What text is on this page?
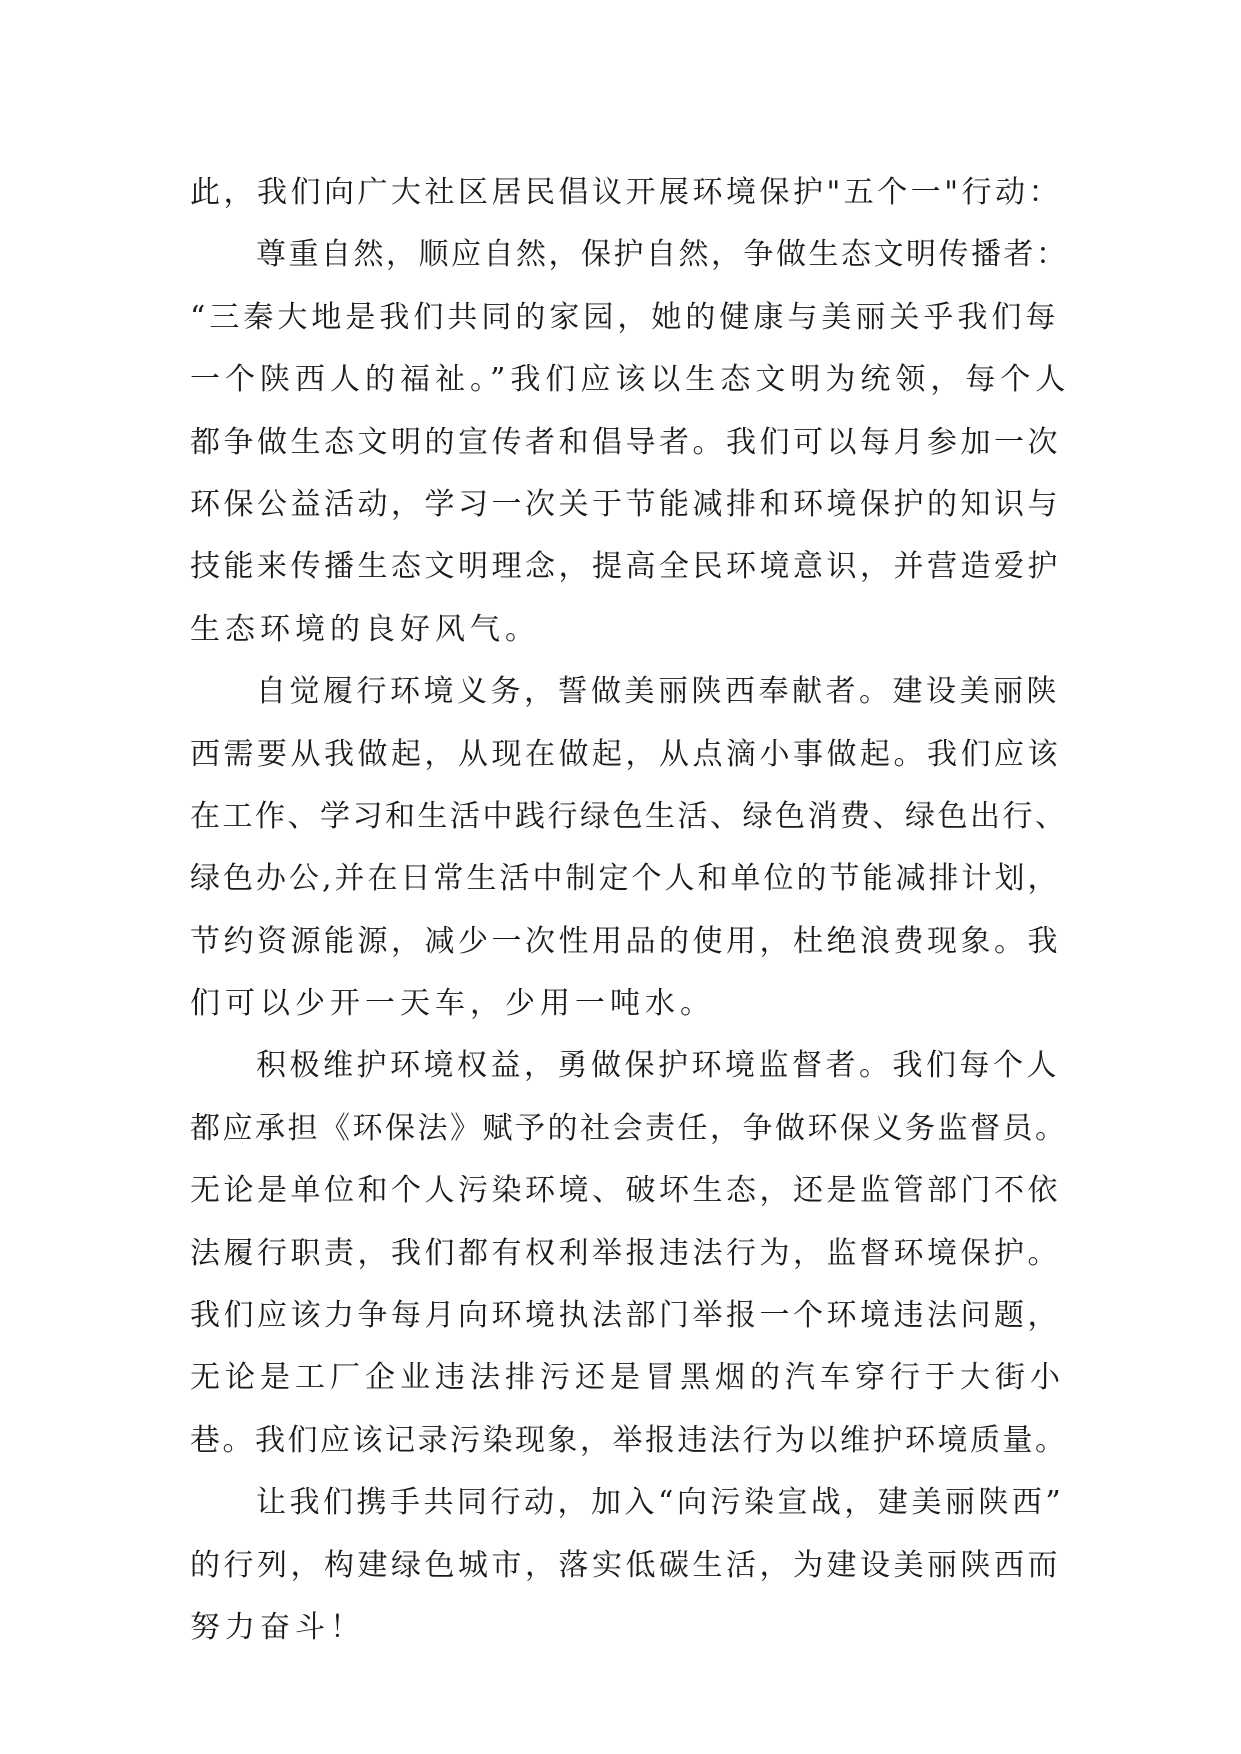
此，我们向广大社区居民倡议开展环境保护"五个一"行动：
尊重自然，顺应自然，保护自然，争做生态文明传播者：
“三秦大地是我们共同的家园，她的健康与美丽关乎我们每
一个陕西人的福祉。”我们应该以生态文明为统领，每个人
都争做生态文明的宣传者和倡导者。我们可以每月参加一次
环保公益活动，学习一次关于节能减排和环境保护的知识与
技能来传播生态文明理念，提高全民环境意识，并营造爱护
生态环境的良好风气。
自觉履行环境义务，誓做美丽陕西奉献者。建设美丽陕
西需要从我做起，从现在做起，从点滴小事做起。我们应该
在工作、学习和生活中践行绿色生活、绿色消费、绿色出行、
绿色办公,并在日常生活中制定个人和单位的节能减排计划，
节约资源能源，减少一次性用品的使用，杜绝浪费现象。我
们可以少开一天车，少用一吨水。
积极维护环境权益，勇做保护环境监督者。我们每个人
都应承担《环保法》赋予的社会责任，争做环保义务监督员。
无论是单位和个人污染环境、破坏生态，还是监管部门不依
法履行职责，我们都有权利举报违法行为，监督环境保护。
我们应该力争每月向环境执法部门举报一个环境违法问题，
无论是工厂企业违法排污还是冒黑烟的汽车穿行于大街小
巷。我们应该记录污染现象，举报违法行为以维护环境质量。
让我们携手共同行动，加入“向污染宣战，建美丽陕西”
的行列，构建绿色城市，落实低碳生活，为建设美丽陕西而
努力奋斗！
